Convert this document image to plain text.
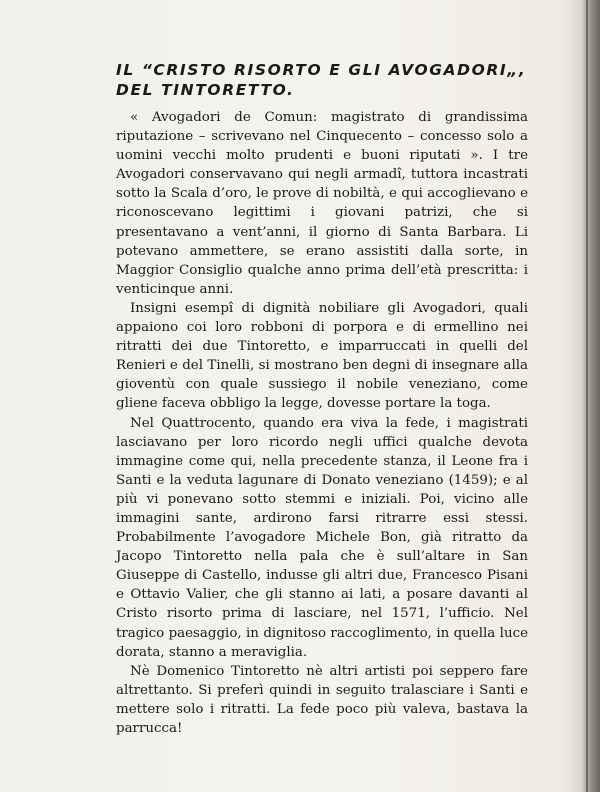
IL “CRISTO RISORTO E GLI AVOGADORI„,
DEL TINTORETTO.

« Avogadori de Comun: magistrato di grandissima riputazione – scrivevano nel Cinquecento – concesso solo a uomini vecchi molto prudenti e buoni riputati ». I tre Avogadori conservavano qui negli armadî, tuttora incastrati sotto la Scala d’oro, le prove di nobiltà, e qui accoglievano e riconoscevano legittimi i giovani patrizi, che si presentavano a vent’anni, il giorno di Santa Barbara. Li potevano ammettere, se erano assistiti dalla sorte, in Maggior Consiglio qualche anno prima dell’età prescritta: i venticinque anni.

Insigni esempî di dignità nobiliare gli Avogadori, quali appaiono coi loro robboni di porpora e di ermellino nei ritratti dei due Tintoretto, e imparruccati in quelli del Renieri e del Tinelli, si mostrano ben degni di insegnare alla gioventù con quale sussiego il nobile veneziano, come gliene faceva obbligo la legge, dovesse portare la toga.

Nel Quattrocento, quando era viva la fede, i magistrati lasciavano per loro ricordo negli uffici qualche devota immagine come qui, nella precedente stanza, il Leone fra i Santi e la veduta lagunare di Donato veneziano (1459); e al più vi ponevano sotto stemmi e iniziali. Poi, vicino alle immagini sante, ardirono farsi ritrarre essi stessi. Probabilmente l’avogadore Michele Bon, già ritratto da Jacopo Tintoretto nella pala che è sull’altare in San Giuseppe di Castello, indusse gli altri due, Francesco Pisani e Ottavio Valier, che gli stanno ai lati, a posare davanti al Cristo risorto prima di lasciare, nel 1571, l’ufficio. Nel tragico paesaggio, in dignitoso raccoglimento, in quella luce dorata, stanno a meraviglia.

Nè Domenico Tintoretto nè altri artisti poi seppero fare altrettanto. Si preferì quindi in seguito tralasciare i Santi e mettere solo i ritratti. La fede poco più valeva, bastava la parrucca!
